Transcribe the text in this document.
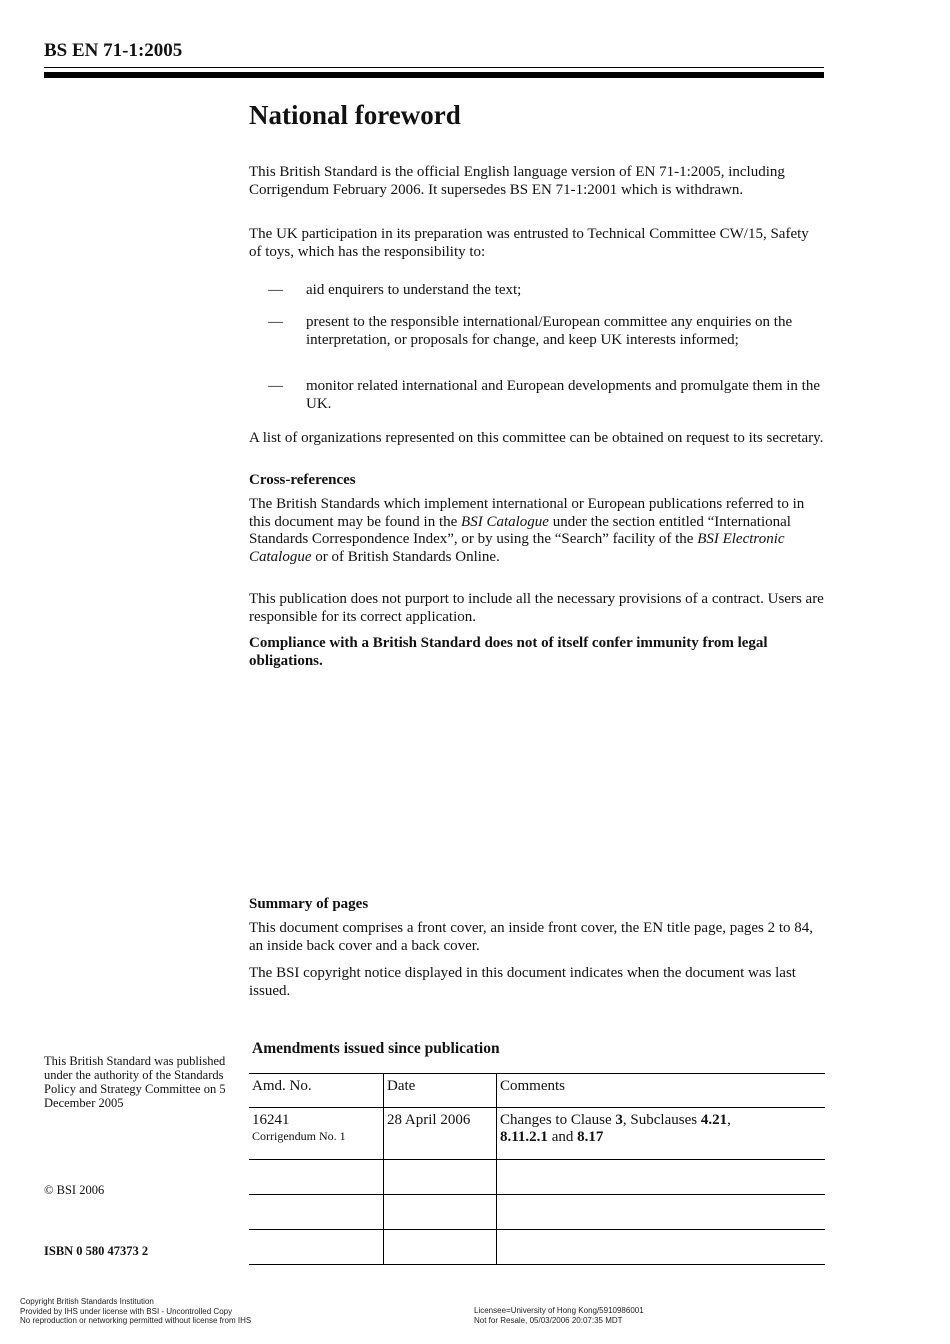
BS EN 71-1:2005
National foreword

This British Standard is the official English language version of EN 71-1:2005, including Corrigendum February 2006. It supersedes BS EN 71-1:2001 which is withdrawn.

The UK participation in its preparation was entrusted to Technical Committee CW/15, Safety of toys, which has the responsibility to:

— aid enquirers to understand the text;
— present to the responsible international/European committee any enquiries on the interpretation, or proposals for change, and keep UK interests informed;
— monitor related international and European developments and promulgate them in the UK.

A list of organizations represented on this committee can be obtained on request to its secretary.

Cross-references

The British Standards which implement international or European publications referred to in this document may be found in the BSI Catalogue under the section entitled “International Standards Correspondence Index”, or by using the “Search” facility of the BSI Electronic Catalogue or of British Standards Online.

This publication does not purport to include all the necessary provisions of a contract. Users are responsible for its correct application.

Compliance with a British Standard does not of itself confer immunity from legal obligations.

Summary of pages

This document comprises a front cover, an inside front cover, the EN title page, pages 2 to 84, an inside back cover and a back cover.

The BSI copyright notice displayed in this document indicates when the document was last issued.

This British Standard was published under the authority of the Standards Policy and Strategy Committee on 5 December 2005
© BSI 2006
ISBN 0 580 47373 2
Amendments issued since publication
Amd. No.	Date	Comments
16241
Corrigendum No. 1	28 April 2006	Changes to Clause 3, Subclauses 4.21,
8.11.2.1 and 8.17

Copyright British Standards Institution
Provided by IHS under license with BSI - Uncontrolled Copy
No reproduction or networking permitted without license from IHS
Licensee=University of Hong Kong/5910986001
Not for Resale, 05/03/2006 20:07:35 MDT
